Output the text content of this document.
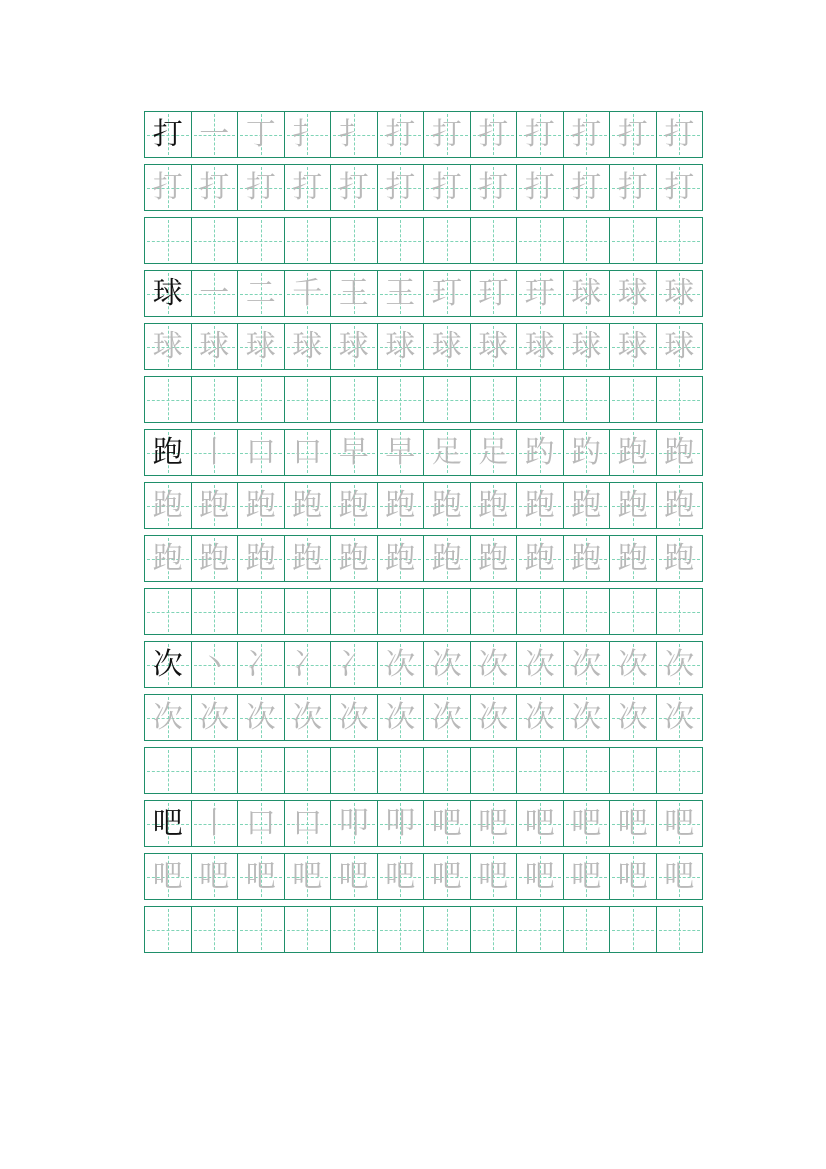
打 一 丁 扌 扌 打 打 打 打 打 打 打
打 打 打 打 打 打 打 打 打 打 打 打
球 一 二 千 王 王 玎 玎 玗 球 球 球
球 球 球 球 球 球 球 球 球 球 球 球
跑 丨 口 口 早 早 足 足 趵 趵 跑 跑
跑 跑 跑 跑 跑 跑 跑 跑 跑 跑 跑 跑
跑 跑 跑 跑 跑 跑 跑 跑 跑 跑 跑 跑
次 丶 冫 冫 冫 次 次 次 次 次 次 次
次 次 次 次 次 次 次 次 次 次 次 次
吧 丨 口 口 叩 叩 吧 吧 吧 吧 吧 吧
吧 吧 吧 吧 吧 吧 吧 吧 吧 吧 吧 吧
